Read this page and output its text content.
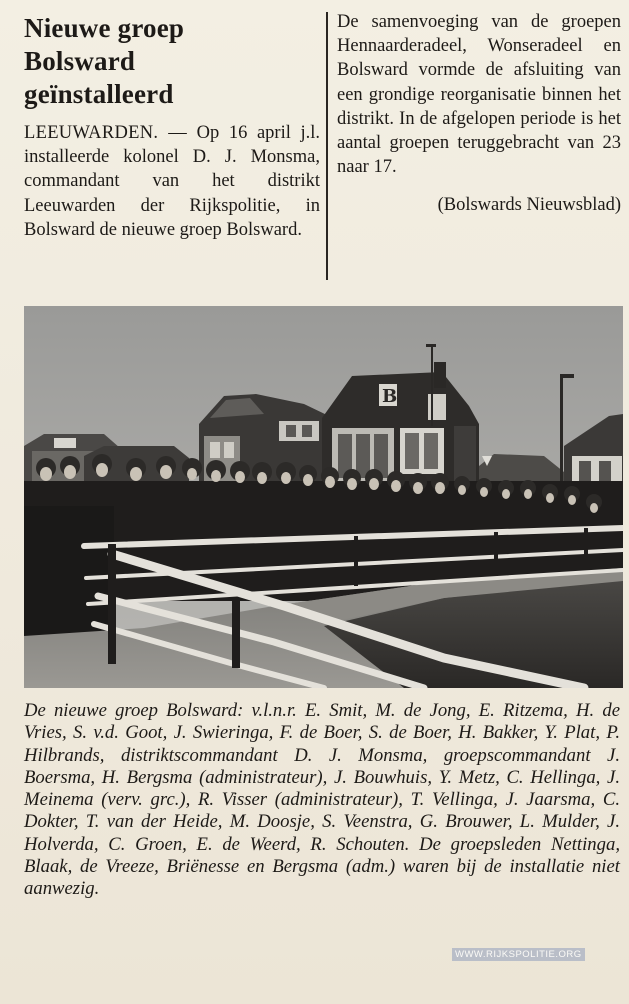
Nieuwe groep
Bolsward
geïnstalleerd

LEEUWARDEN. — Op 16 april j.l. installeerde kolonel D. J. Monsma, commandant van het distrikt Leeuwarden der Rijkspolitie, in Bolsward de nieuwe groep Bolsward.

De samenvoeging van de groepen Hennaarderadeel, Wonseradeel en Bolsward vormde de afsluiting van een grondige reorganisatie binnen het distrikt. In de afgelopen periode is het aantal groepen teruggebracht van 23 naar 17.

(Bolswards Nieuwsblad)

B

De nieuwe groep Bolsward: v.l.n.r. E. Smit, M. de Jong, E. Ritzema, H. de Vries, S. v.d. Goot, J. Swieringa, F. de Boer, S. de Boer, H. Bakker, Y. Plat, P. Hilbrands, distriktscommandant D. J. Monsma, groepscommandant J. Boersma, H. Bergsma (administrateur), J. Bouwhuis, Y. Metz, C. Hellinga, J. Meinema (verv. grc.), R. Visser (administrateur), T. Vellinga, J. Jaarsma, C. Dokter, T. van der Heide, M. Doosje, S. Veenstra, G. Brouwer, L. Mulder, J. Holverda, C. Groen, E. de Weerd, R. Schouten. De groepsleden Nettinga, Blaak, de Vreeze, Briënesse en Bergsma (adm.) waren bij de installatie niet aanwezig.

WWW.RIJKSPOLITIE.ORG
